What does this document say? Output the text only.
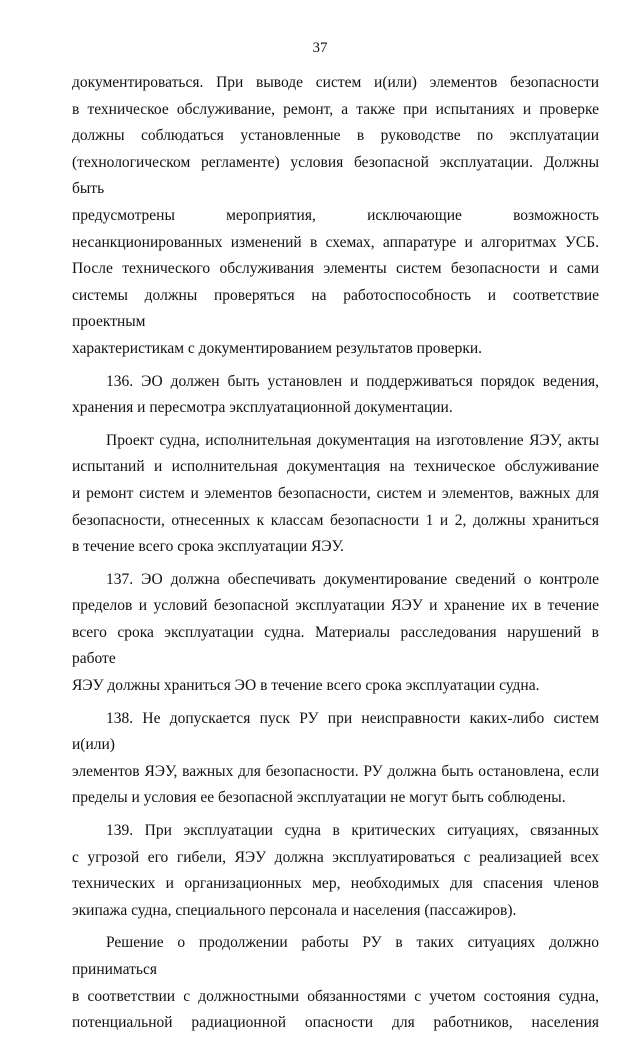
37

документироваться. При выводе систем и(или) элементов безопасности

в техническое обслуживание, ремонт, а также при испытаниях и проверке

должны соблюдаться установленные в руководстве по эксплуатации

(технологическом регламенте) условия безопасной эксплуатации. Должны быть

предусмотрены мероприятия, исключающие возможность

несанкционированных изменений в схемах, аппаратуре и алгоритмах УСБ.

После технического обслуживания элементы систем безопасности и сами

системы должны проверяться на работоспособность и соответствие проектным

характеристикам с документированием результатов проверки.

136. ЭО должен быть установлен и поддерживаться порядок ведения,

хранения и пересмотра эксплуатационной документации.

Проект судна, исполнительная документация на изготовление ЯЭУ, акты

испытаний и исполнительная документация на техническое обслуживание

и ремонт систем и элементов безопасности, систем и элементов, важных для

безопасности, отнесенных к классам безопасности 1 и 2, должны храниться

в течение всего срока эксплуатации ЯЭУ.

137. ЭО должна обеспечивать документирование сведений о контроле

пределов и условий безопасной эксплуатации ЯЭУ и хранение их в течение

всего срока эксплуатации судна. Материалы расследования нарушений в работе

ЯЭУ должны храниться ЭО в течение всего срока эксплуатации судна.

138. Не допускается пуск РУ при неисправности каких-либо систем и(или)

элементов ЯЭУ, важных для безопасности. РУ должна быть остановлена, если

пределы и условия ее безопасной эксплуатации не могут быть соблюдены.

139. При эксплуатации судна в критических ситуациях, связанных

с угрозой его гибели, ЯЭУ должна эксплуатироваться с реализацией всех

технических и организационных мер, необходимых для спасения членов

экипажа судна, специального персонала и населения (пассажиров).

Решение о продолжении работы РУ в таких ситуациях должно приниматься

в соответствии с должностными обязанностями с учетом состояния судна,

потенциальной радиационной опасности для работников, населения
